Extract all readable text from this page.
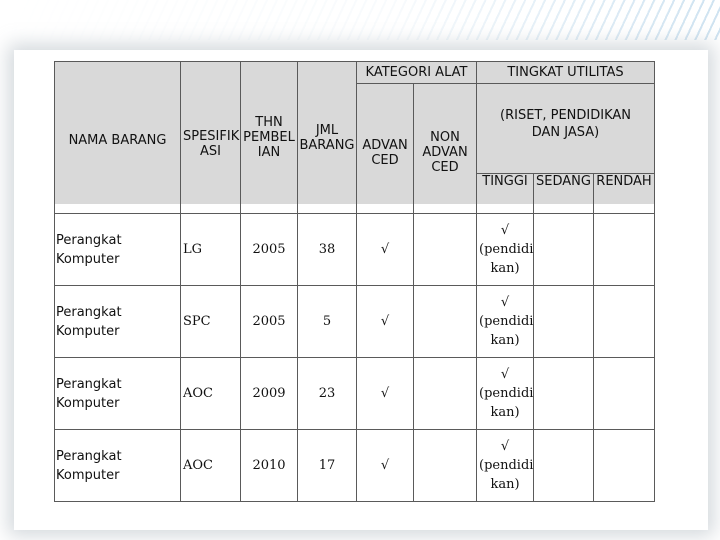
NAMA BARANG	SPESIFIK ASI	THN PEMBEL IAN	JML BARANG	KATEGORI ALAT		TINGKAT UTILITAS		
				ADVAN CED	NON ADVAN CED	(RISET, PENDIDIKAN DAN JASA)		
						TINGGI	SEDANG	RENDAH
Perangkat Komputer	LG	2005	38	√		√ (pendidi kan)		
Perangkat Komputer	SPC	2005	5	√		√ (pendidi kan)		
Perangkat Komputer	AOC	2009	23	√		√ (pendidi kan)		
Perangkat Komputer	AOC	2010	17	√		√ (pendidi kan)		
